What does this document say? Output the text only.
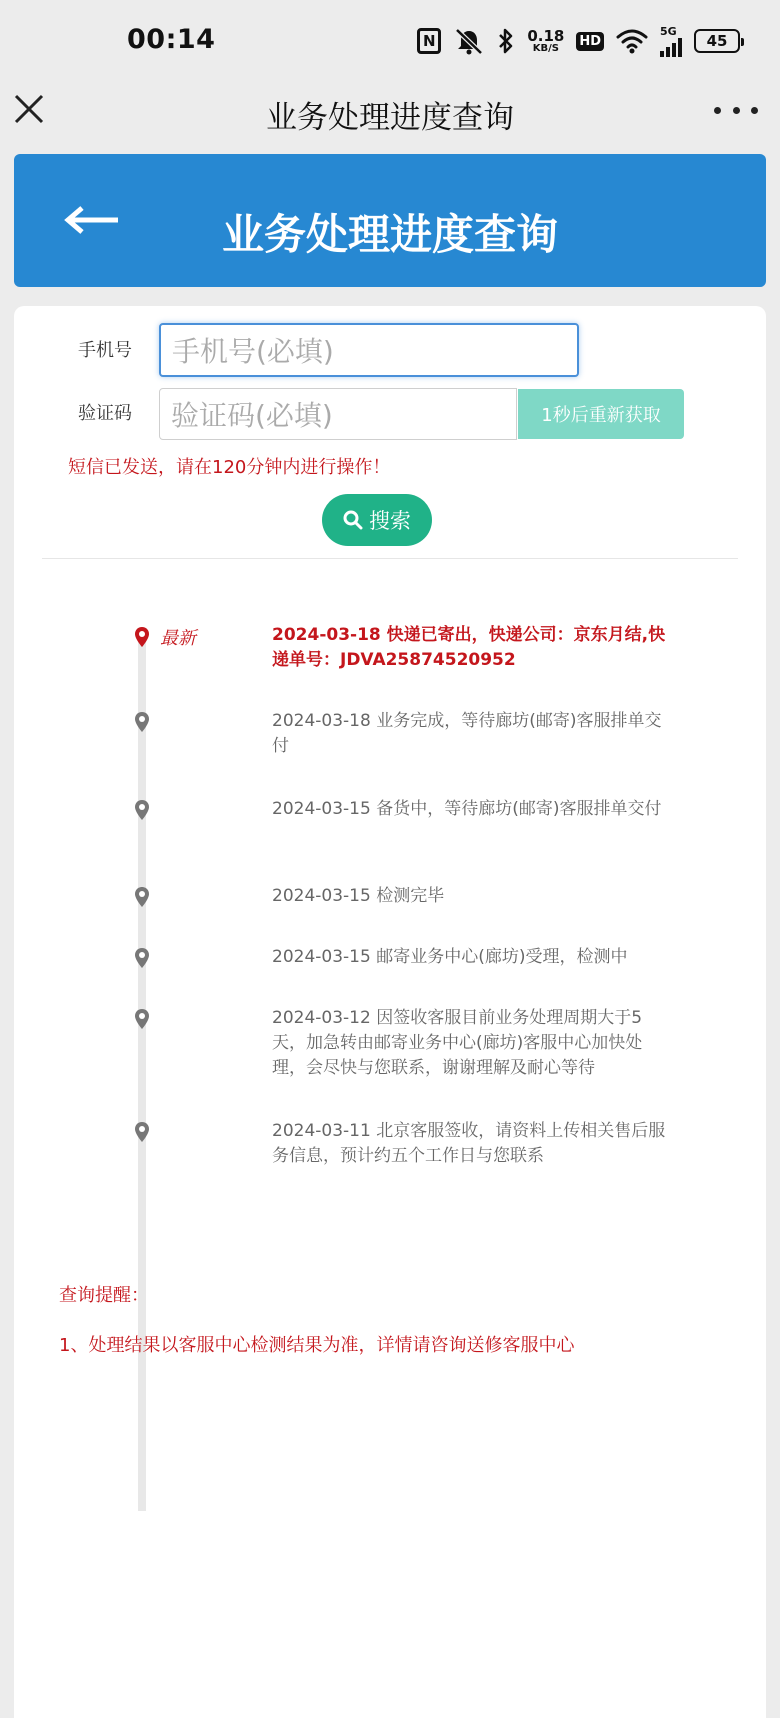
00:14	N	0.18
KB/S HD
5G
45
业务处理进度查询
业务处理进度查询
手机号 手机号(必填)
验证码 验证码(必填)	1秒后重新获取
短信已发送，请在120分钟内进行操作！
搜索
最新	2024-03-18 快递已寄出，快递公司：京东月结,快递单号：JDVA25874520952
2024-03-18 业务完成，等待廊坊(邮寄)客服排单交付
2024-03-15 备货中，等待廊坊(邮寄)客服排单交付
2024-03-15 检测完毕
2024-03-15 邮寄业务中心(廊坊)受理，检测中
2024-03-12 因签收客服目前业务处理周期大于5天，加急转由邮寄业务中心(廊坊)客服中心加快处理，会尽快与您联系，谢谢理解及耐心等待
2024-03-11 北京客服签收，请资料上传相关售后服务信息，预计约五个工作日与您联系
查询提醒：
1、处理结果以客服中心检测结果为准，详情请咨询送修客服中心
